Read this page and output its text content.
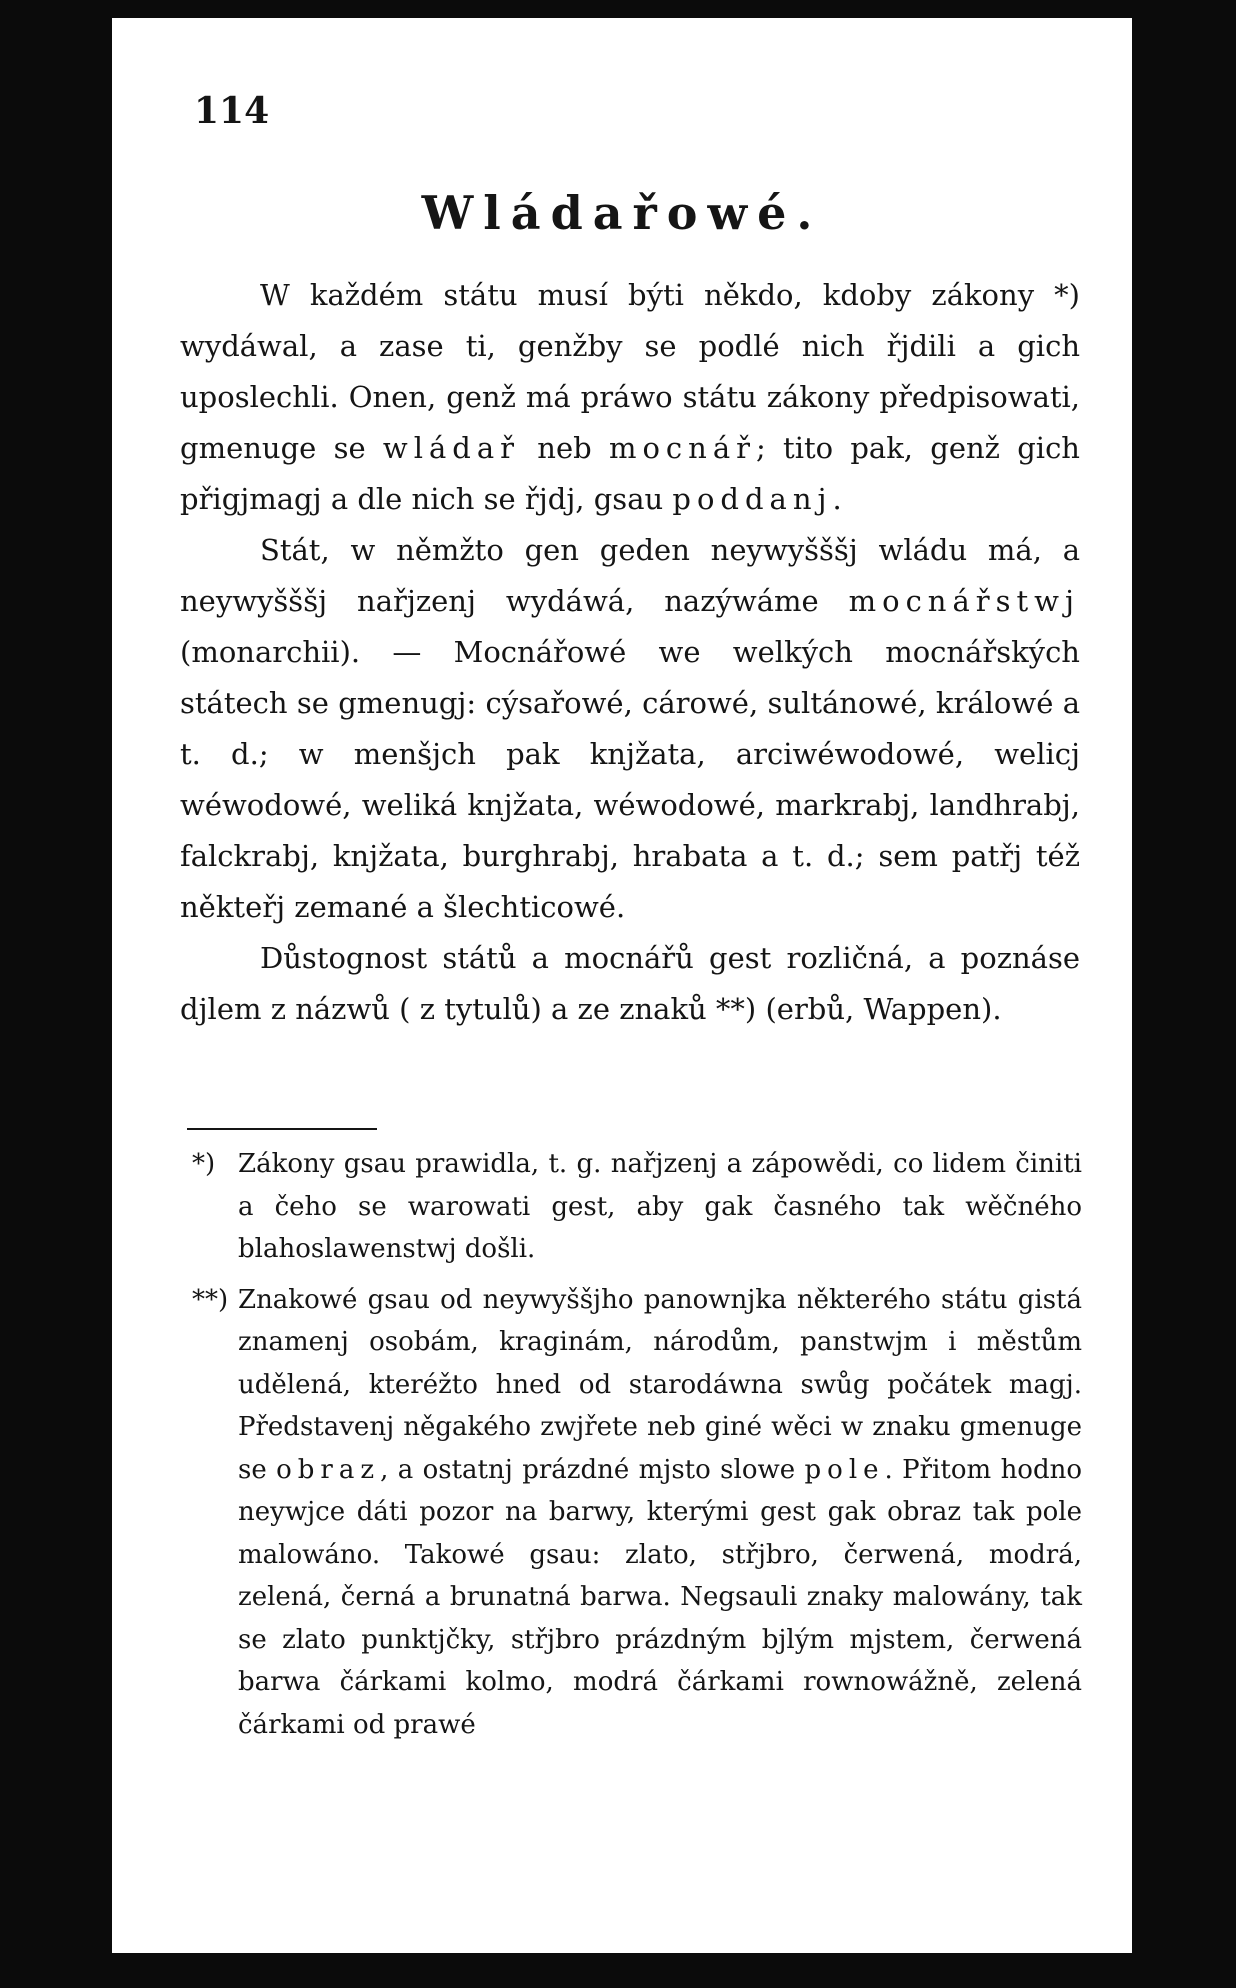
114
Wládařowé.

W každém státu musí býti někdo, kdoby zákony *) wydáwal, a zase ti, genžby se podlé nich řjdili a gich uposlechli. Onen, genž má práwo státu zákony předpisowati, gmenuge se wládař neb mocnář; tito pak, genž gich přigjmagj a dle nich se řjdj, gsau poddanj.

Stát, w němžto gen geden neywyšššj wládu má, a neywyšššj nařjzenj wydáwá, nazýwáme mocnářstwj (monarchii). — Mocnářowé we welkých mocnářských státech se gmenugj: cýsařowé, cárowé, sultánowé, králowé a t. d.; w menšjch pak knjžata, arciwéwodowé, welicj wéwodowé, weliká knjžata, wéwodowé, markrabj, landhrabj, falckrabj, knjžata, burghrabj, hrabata a t. d.; sem patřj též někteřj zemané a šlechticowé.

Důstognost států a mocnářů gest rozličná, a poznáse djlem z názwů ( z tytulů) a ze znaků **) (erbů, Wappen).

*) Zákony gsau prawidla, t. g. nařjzenj a zápowědi, co lidem činiti a čeho se warowati gest, aby gak časného tak wěčného blahoslawenstwj došli.

**) Znakowé gsau od neywyššjho panownjka některého státu gistá znamenj osobám, kraginám, národům, panstwjm i městům udělená, kteréžto hned od starodáwna swůg počátek magj. Představenj něgakého zwjřete neb giné wěci w znaku gmenuge se obraz, a ostatnj prázdné mjsto slowe pole. Přitom hodno neywjce dáti pozor na barwy, kterými gest gak obraz tak pole malowáno. Takowé gsau: zlato, střjbro, čerwená, modrá, zelená, černá a brunatná barwa. Negsauli znaky malowány, tak se zlato punktjčky, střjbro prázdným bjlým mjstem, čerwená barwa čárkami kolmo, modrá čárkami rownowážně, zelená čárkami od prawé
